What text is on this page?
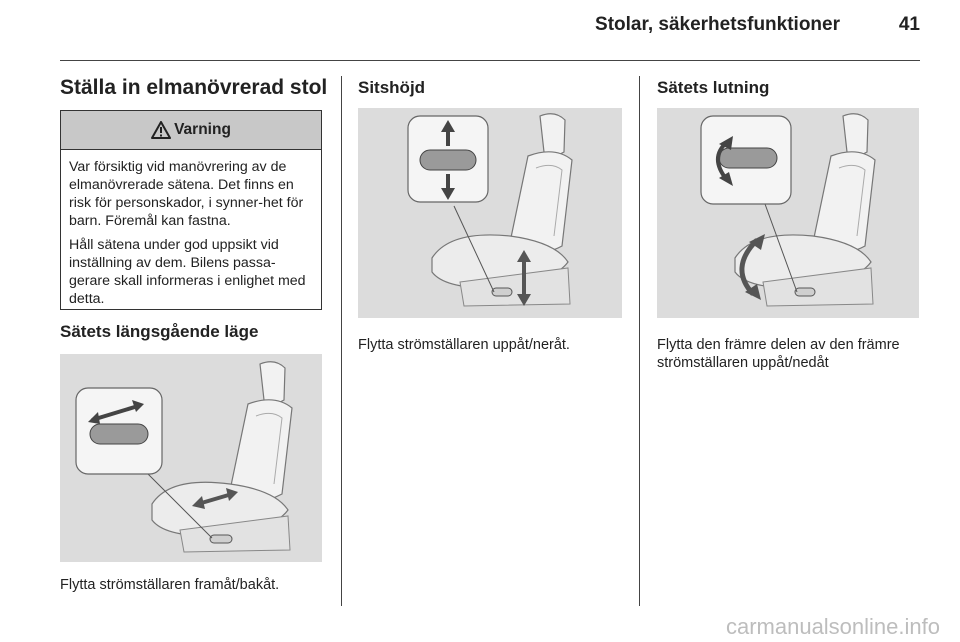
Stolar, säkerhetsfunktioner	41
Ställa in elmanövrerad stol
Varning

Var försiktig vid manövrering av de elmanövrerade sätena. Det finns en risk för personskador, i synner-het för barn. Föremål kan fastna.

Håll sätena under god uppsikt vid inställning av dem. Bilens passa-gerare skall informeras i enlighet med detta.

Sätets längsgående läge
Flytta strömställaren framåt/bakåt.
Sitshöjd
Flytta strömställaren uppåt/neråt.
Sätets lutning
Flytta den främre delen av den främre strömställaren uppåt/nedåt
carmanualsonline.info
